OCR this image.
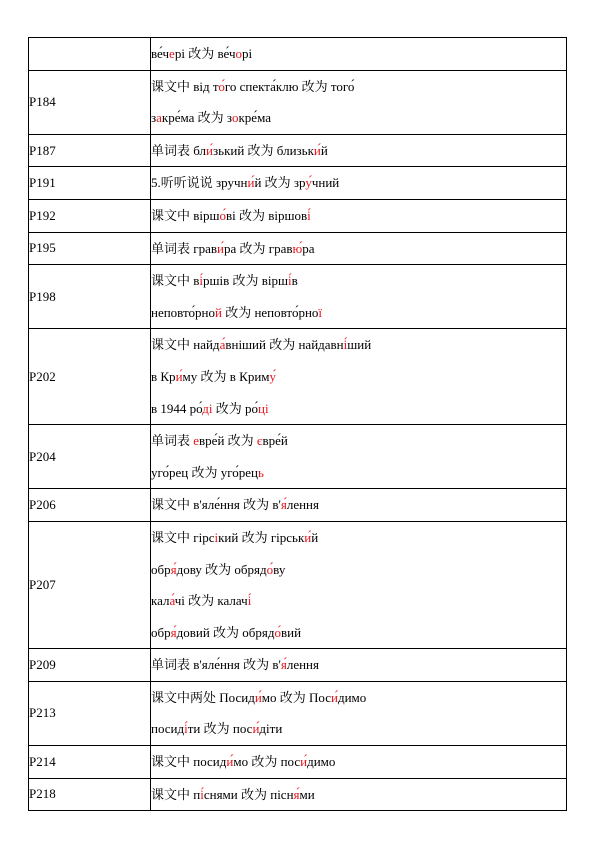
	ве́чері 改为 ве́чорі

P184	课文中 від то́го спекта́клю 改为 того́
закре́ма 改为 зокре́ма

P187	单词表 бли́зький 改为 близьки́й

P191	5.听听说说 зручни́й 改为 зру́чний

P192	课文中 віршо́ві 改为 віршові́

P195	单词表 грави́ра 改为 гравю́ра

P198	课文中 ві́ршів 改为 вірші́в
неповто́рной 改为 неповто́рної

P202	课文中 найда́вніший 改为 найдавні́ший
в Кри́му 改为 в Криму́
в 1944 ро́ді 改为 ро́ці

P204	单词表 евре́й 改为 євре́й
уго́рец 改为 уго́рець

P206	课文中 в'яле́ння 改为 в'я́лення

P207	课文中 гірсікий 改为 гірськи́й
обря́дову 改为 обрядо́ву
кала́чі 改为 калачі́
обря́довий 改为 обрядо́вий

P209	单词表 в'яле́ння 改为 в'я́лення

P213	课文中两处 Посиди́мо 改为 Поси́димо
посиді́ти 改为 поси́діти

P214	课文中 посиди́мо 改为 поси́димо

P218	课文中 пі́снями 改为 пісня́ми
